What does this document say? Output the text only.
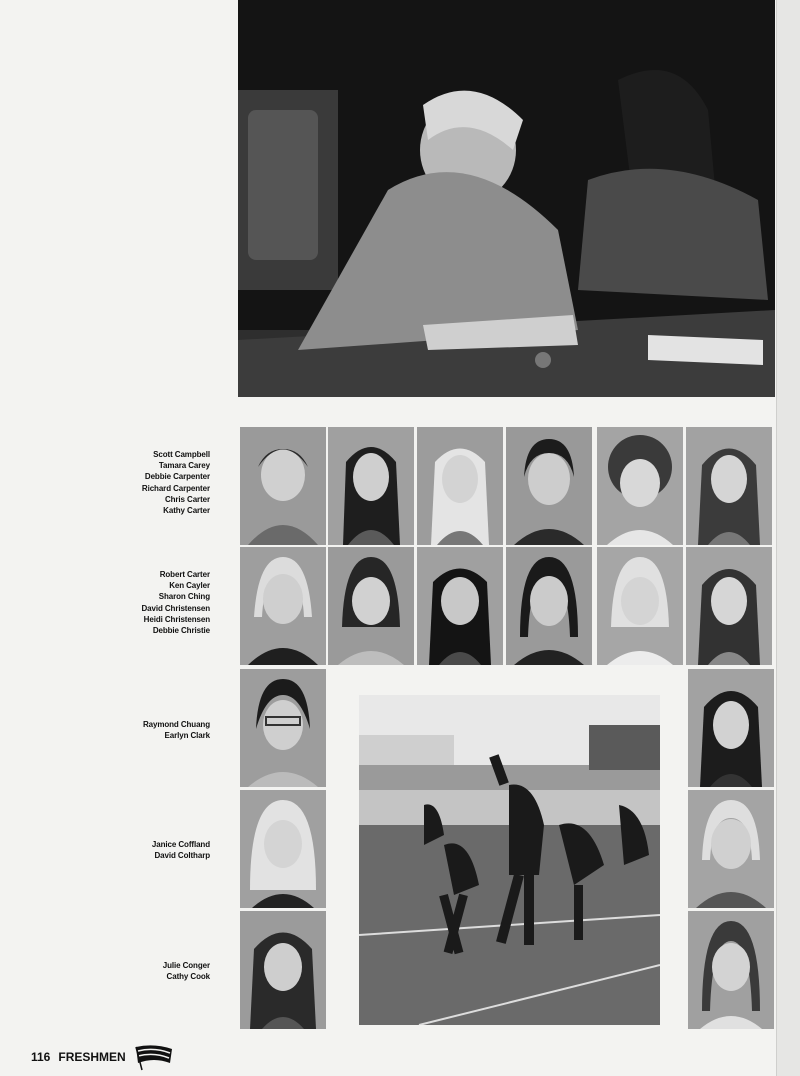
Scott Campbell
Tamara Carey
Debbie Carpenter
Richard Carpenter
Chris Carter
Kathy Carter
Robert Carter
Ken Cayler
Sharon Ching
David Christensen
Heidi Christensen
Debbie Christie
Raymond Chuang
Earlyn Clark
Janice Coffland
David Coltharp
Julie Conger
Cathy Cook
116 FRESHMEN
